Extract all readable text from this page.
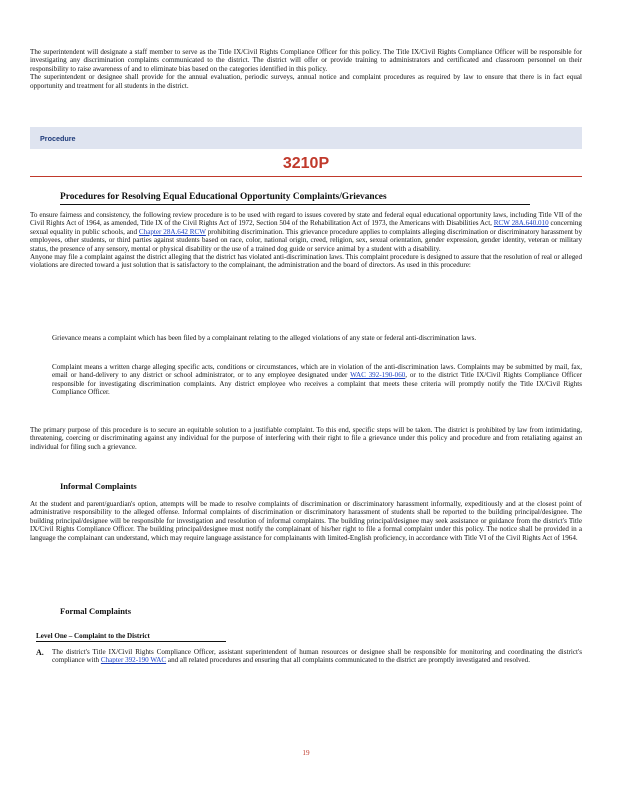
The superintendent will designate a staff member to serve as the Title IX/Civil Rights Compliance Officer for this policy. The Title IX/Civil Rights Compliance Officer will be responsible for investigating any discrimination complaints communicated to the district. The district will offer or provide training to administrators and certificated and classroom personnel on their responsibility to raise awareness of and to eliminate bias based on the categories identified in this policy.

The superintendent or designee shall provide for the annual evaluation, periodic surveys, annual notice and complaint procedures as required by law to ensure that there is in fact equal opportunity and treatment for all students in the district.

Procedure
3210P
Procedures for Resolving Equal Educational Opportunity Complaints/Grievances

To ensure fairness and consistency, the following review procedure is to be used with regard to issues covered by state and federal equal educational opportunity laws, including Title VII of the Civil Rights Act of 1964, as amended, Title IX of the Civil Rights Act of 1972, Section 504 of the Rehabilitation Act of 1973, the Americans with Disabilities Act, RCW 28A.640.010 concerning sexual equality in public schools, and Chapter 28A.642 RCW prohibiting discrimination. This grievance procedure applies to complaints alleging discrimination or discriminatory harassment by employees, other students, or third parties against students based on race, color, national origin, creed, religion, sex, sexual orientation, gender expression, gender identity, veteran or military status, the presence of any sensory, mental or physical disability or the use of a trained dog guide or service animal by a student with a disability.

Anyone may file a complaint against the district alleging that the district has violated anti-discrimination laws. This complaint procedure is designed to assure that the resolution of real or alleged violations are directed toward a just solution that is satisfactory to the complainant, the administration and the board of directors. As used in this procedure:

Grievance means a complaint which has been filed by a complainant relating to the alleged violations of any state or federal anti-discrimination laws.

Complaint means a written charge alleging specific acts, conditions or circumstances, which are in violation of the anti-discrimination laws. Complaints may be submitted by mail, fax, email or hand-delivery to any district or school administrator, or to any employee designated under WAC 392-190-060, or to the district Title IX/Civil Rights Compliance Officer responsible for investigating discrimination complaints. Any district employee who receives a complaint that meets these criteria will promptly notify the Title IX/Civil Rights Compliance Officer.

The primary purpose of this procedure is to secure an equitable solution to a justifiable complaint. To this end, specific steps will be taken. The district is prohibited by law from intimidating, threatening, coercing or discriminating against any individual for the purpose of interfering with their right to file a grievance under this policy and procedure and from retaliating against an individual for filing such a grievance.

Informal Complaints

At the student and parent/guardian's option, attempts will be made to resolve complaints of discrimination or discriminatory harassment informally, expeditiously and at the closest point of administrative responsibility to the alleged offense. Informal complaints of discrimination or discriminatory harassment of students shall be reported to the building principal/designee. The building principal/designee will be responsible for investigation and resolution of informal complaints. The building principal/designee may seek assistance or guidance from the district's Title IX/Civil Rights Compliance Officer. The building principal/designee must notify the complainant of his/her right to file a formal complaint under this policy. The notice shall be provided in a language the complainant can understand, which may require language assistance for complainants with limited-English proficiency, in accordance with Title VI of the Civil Rights Act of 1964.

Formal Complaints
Level One – Complaint to the District
A. The district's Title IX/Civil Rights Compliance Officer, assistant superintendent of human resources or designee shall be responsible for monitoring and coordinating the district's compliance with Chapter 392-190 WAC and all related procedures and ensuring that all complaints communicated to the district are promptly investigated and resolved.

19
